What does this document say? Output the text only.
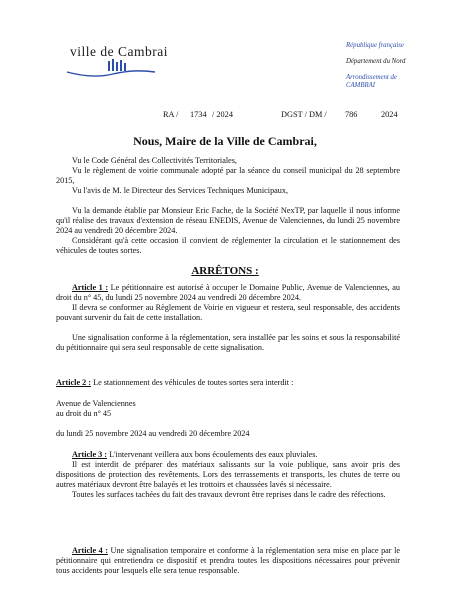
ville de Cambrai	République française
Département du Nord
Arrondissement de
CAMBRAI
RA / 1734 / 2024	DGST / DM / 786	2024
Nous, Maire de la Ville de Cambrai,

Vu le Code Général des Collectivités Territoriales,

Vu le règlement de voirie communale adopté par la séance du conseil municipal du 28 septembre 2015,

Vu l'avis de M. le Directeur des Services Techniques Municipaux,

Vu la demande établie par Monsieur Eric Fache, de la Société NexTP, par laquelle il nous informe qu'il réalise des travaux d'extension de réseau ENEDIS, Avenue de Valenciennes, du lundi 25 novembre 2024 au vendredi 20 décembre 2024.

Considérant qu'à cette occasion il convient de réglementer la circulation et le stationnement des véhicules de toutes sortes.

ARRÊTONS :

Article 1 : Le pétitionnaire est autorisé à occuper le Domaine Public, Avenue de Valenciennes, au droit du n° 45, du lundi 25 novembre 2024 au vendredi 20 décembre 2024.

Il devra se conformer au Règlement de Voirie en vigueur et restera, seul responsable, des accidents pouvant survenir du fait de cette installation.

Une signalisation conforme à la réglementation, sera installée par les soins et sous la responsabilité du pétitionnaire qui sera seul responsable de cette signalisation.

Article 2 : Le stationnement des véhicules de toutes sortes sera interdit :

Avenue de Valenciennes

au droit du n° 45

du lundi 25 novembre 2024 au vendredi 20 décembre 2024

Article 3 : L'intervenant veillera aux bons écoulements des eaux pluviales.

Il est interdit de préparer des matériaux salissants sur la voie publique, sans avoir pris des dispositions de protection des revêtements. Lors des terrassements et transports, les chutes de terre ou autres matériaux devront être balayés et les trottoirs et chaussées lavés si nécessaire.

Toutes les surfaces tachées du fait des travaux devront être reprises dans le cadre des réfections.

Article 4 : Une signalisation temporaire et conforme à la réglementation sera mise en place par le pétitionnaire qui entretiendra ce dispositif et prendra toutes les dispositions nécessaires pour prévenir tous accidents pour lesquels elle sera tenue responsable.
